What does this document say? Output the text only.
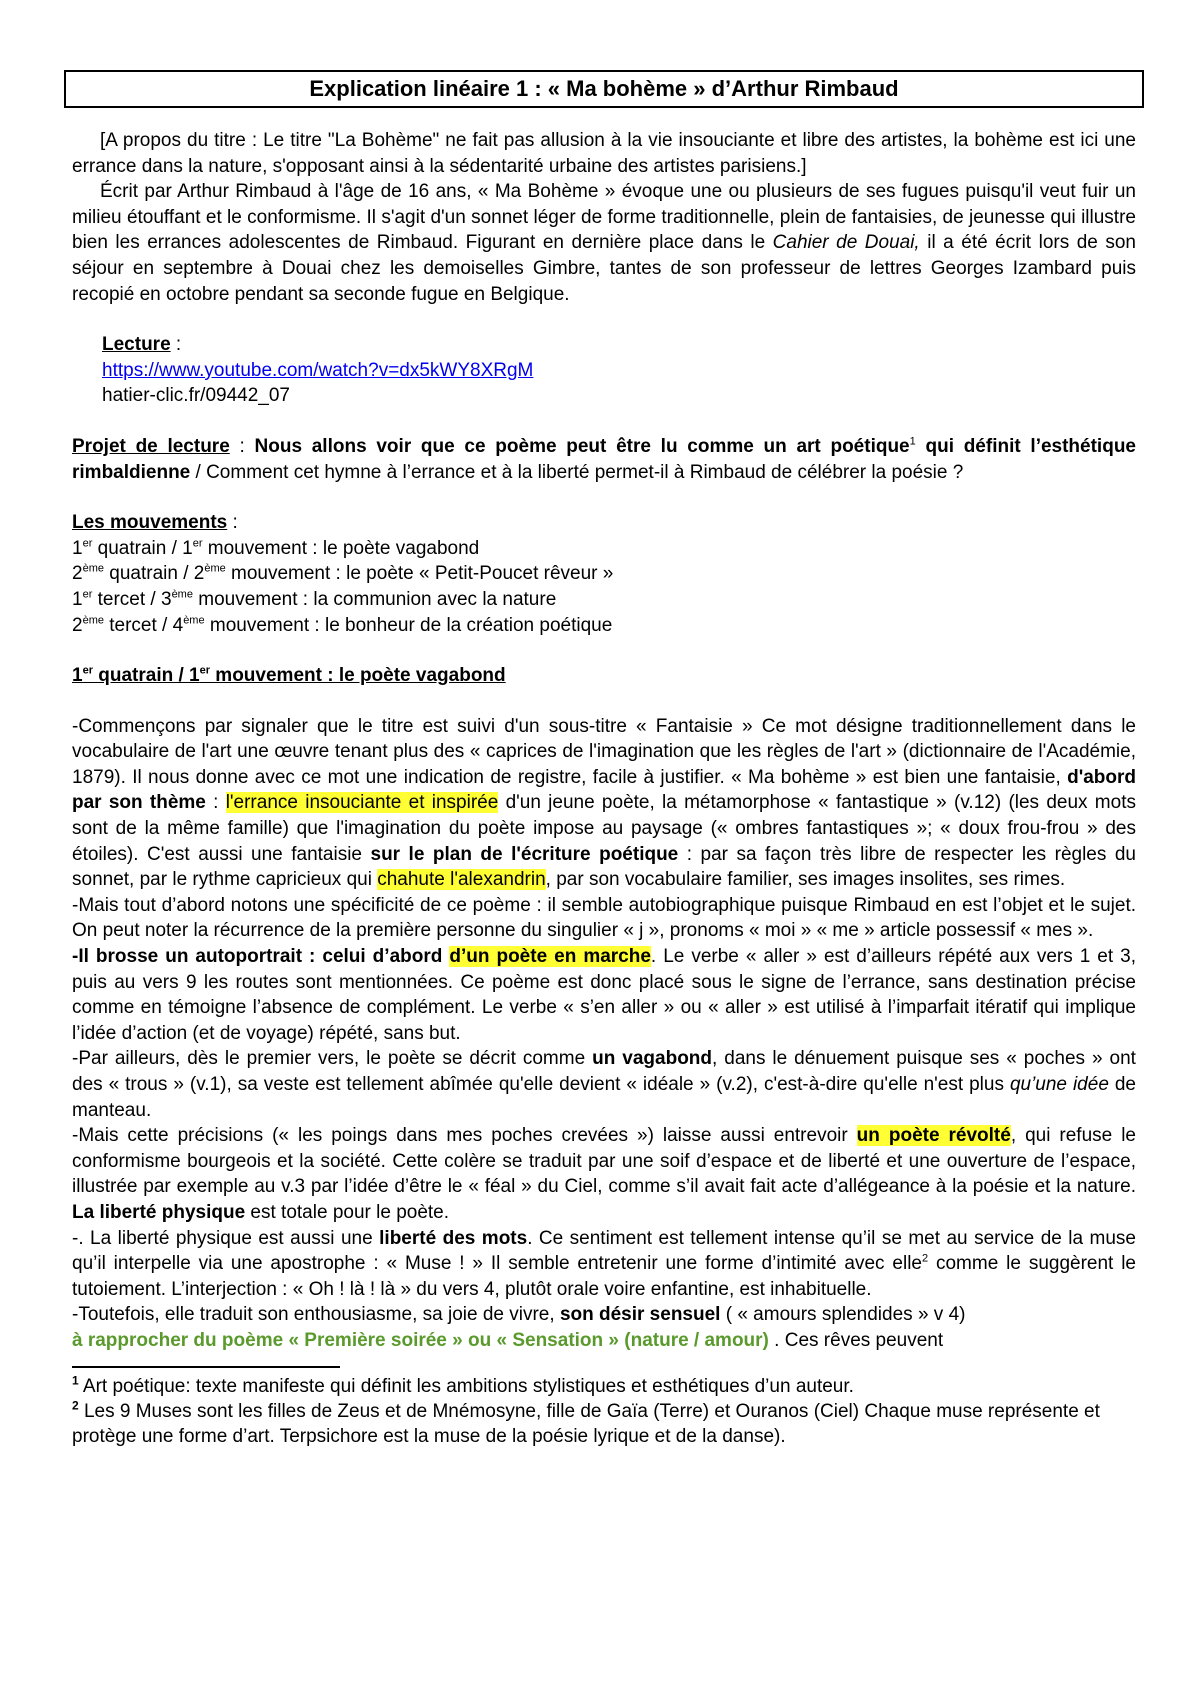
Explication linéaire 1 : « Ma bohème » d’Arthur Rimbaud

[A propos du titre : Le titre "La Bohème" ne fait pas allusion à la vie insouciante et libre des artistes, la bohème est ici une errance dans la nature, s'opposant ainsi à la sédentarité urbaine des artistes parisiens.]

Écrit par Arthur Rimbaud à l'âge de 16 ans, « Ma Bohème » évoque une ou plusieurs de ses fugues puisqu'il veut fuir un milieu étouffant et le conformisme. Il s'agit d'un sonnet léger de forme traditionnelle, plein de fantaisies, de jeunesse qui illustre bien les errances adolescentes de Rimbaud. Figurant en dernière place dans le Cahier de Douai, il a été écrit lors de son séjour en septembre à Douai chez les demoiselles Gimbre, tantes de son professeur de lettres Georges Izambard puis recopié en octobre pendant sa seconde fugue en Belgique.

Lecture :

https://www.youtube.com/watch?v=dx5kWY8XRgM

hatier-clic.fr/09442_07

Projet de lecture : Nous allons voir que ce poème peut être lu comme un art poétique$^1$ qui définit l’esthétique rimbaldienne / Comment cet hymne à l’errance et à la liberté permet-il à Rimbaud de célébrer la poésie ?

Les mouvements :

1er quatrain / 1er mouvement : le poète vagabond

2ème quatrain / 2ème mouvement : le poète « Petit-Poucet rêveur »

1er tercet / 3ème mouvement : la communion avec la nature

2ème tercet / 4ème mouvement : le bonheur de la création poétique

1er quatrain / 1er mouvement : le poète vagabond

-Commençons par signaler que le titre est suivi d'un sous-titre « Fantaisie » Ce mot désigne traditionnellement dans le vocabulaire de l'art une œuvre tenant plus des « caprices de l'imagination que les règles de l'art » (dictionnaire de l'Académie, 1879). Il nous donne avec ce mot une indication de registre, facile à justifier. « Ma bohème » est bien une fantaisie, d'abord par son thème : l'errance insouciante et inspirée d'un jeune poète, la métamorphose « fantastique » (v.12) (les deux mots sont de la même famille) que l'imagination du poète impose au paysage (« ombres fantastiques »; « doux frou-frou » des étoiles). C'est aussi une fantaisie sur le plan de l'écriture poétique : par sa façon très libre de respecter les règles du sonnet, par le rythme capricieux qui chahute l'alexandrin, par son vocabulaire familier, ses images insolites, ses rimes.

-Mais tout d’abord notons une spécificité de ce poème : il semble autobiographique puisque Rimbaud en est l’objet et le sujet. On peut noter la récurrence de la première personne du singulier « j », pronoms « moi » « me » article possessif « mes ».

-Il brosse un autoportrait : celui d’abord d’un poète en marche. Le verbe « aller » est d’ailleurs répété aux vers 1 et 3, puis au vers 9 les routes sont mentionnées. Ce poème est donc placé sous le signe de l’errance, sans destination précise comme en témoigne l’absence de complément. Le verbe « s’en aller » ou « aller » est utilisé à l’imparfait itératif qui implique l’idée d’action (et de voyage) répété, sans but.

-Par ailleurs, dès le premier vers, le poète se décrit comme un vagabond, dans le dénuement puisque ses « poches » ont des « trous » (v.1), sa veste est tellement abîmée qu'elle devient « idéale » (v.2), c'est-à-dire qu'elle n'est plus qu’une idée de manteau.

-Mais cette précisions (« les poings dans mes poches crevées ») laisse aussi entrevoir un poète révolté, qui refuse le conformisme bourgeois et la société. Cette colère se traduit par une soif d’espace et de liberté et une ouverture de l’espace, illustrée par exemple au v.3 par l’idée d’être le « féal » du Ciel, comme s’il avait fait acte d’allégeance à la poésie et la nature. La liberté physique est totale pour le poète.

-. La liberté physique est aussi une liberté des mots. Ce sentiment est tellement intense qu’il se met au service de la muse qu’il interpelle via une apostrophe : « Muse ! » Il semble entretenir une forme d’intimité avec elle$^2$ comme le suggèrent le tutoiement. L’interjection : « Oh ! là ! là » du vers 4, plutôt orale voire enfantine, est inhabituelle.

-Toutefois, elle traduit son enthousiasme, sa joie de vivre, son désir sensuel ( « amours splendides » v 4)
à rapprocher du poème « Première soirée » ou « Sensation » (nature / amour) . Ces rêves peuvent

$^1$ Art poétique: texte manifeste qui définit les ambitions stylistiques et esthétiques d’un auteur.

$^2$ Les 9 Muses sont les filles de Zeus et de Mnémosyne, fille de Gaïa (Terre) et Ouranos (Ciel) Chaque muse représente et protège une forme d’art. Terpsichore est la muse de la poésie lyrique et de la danse).
